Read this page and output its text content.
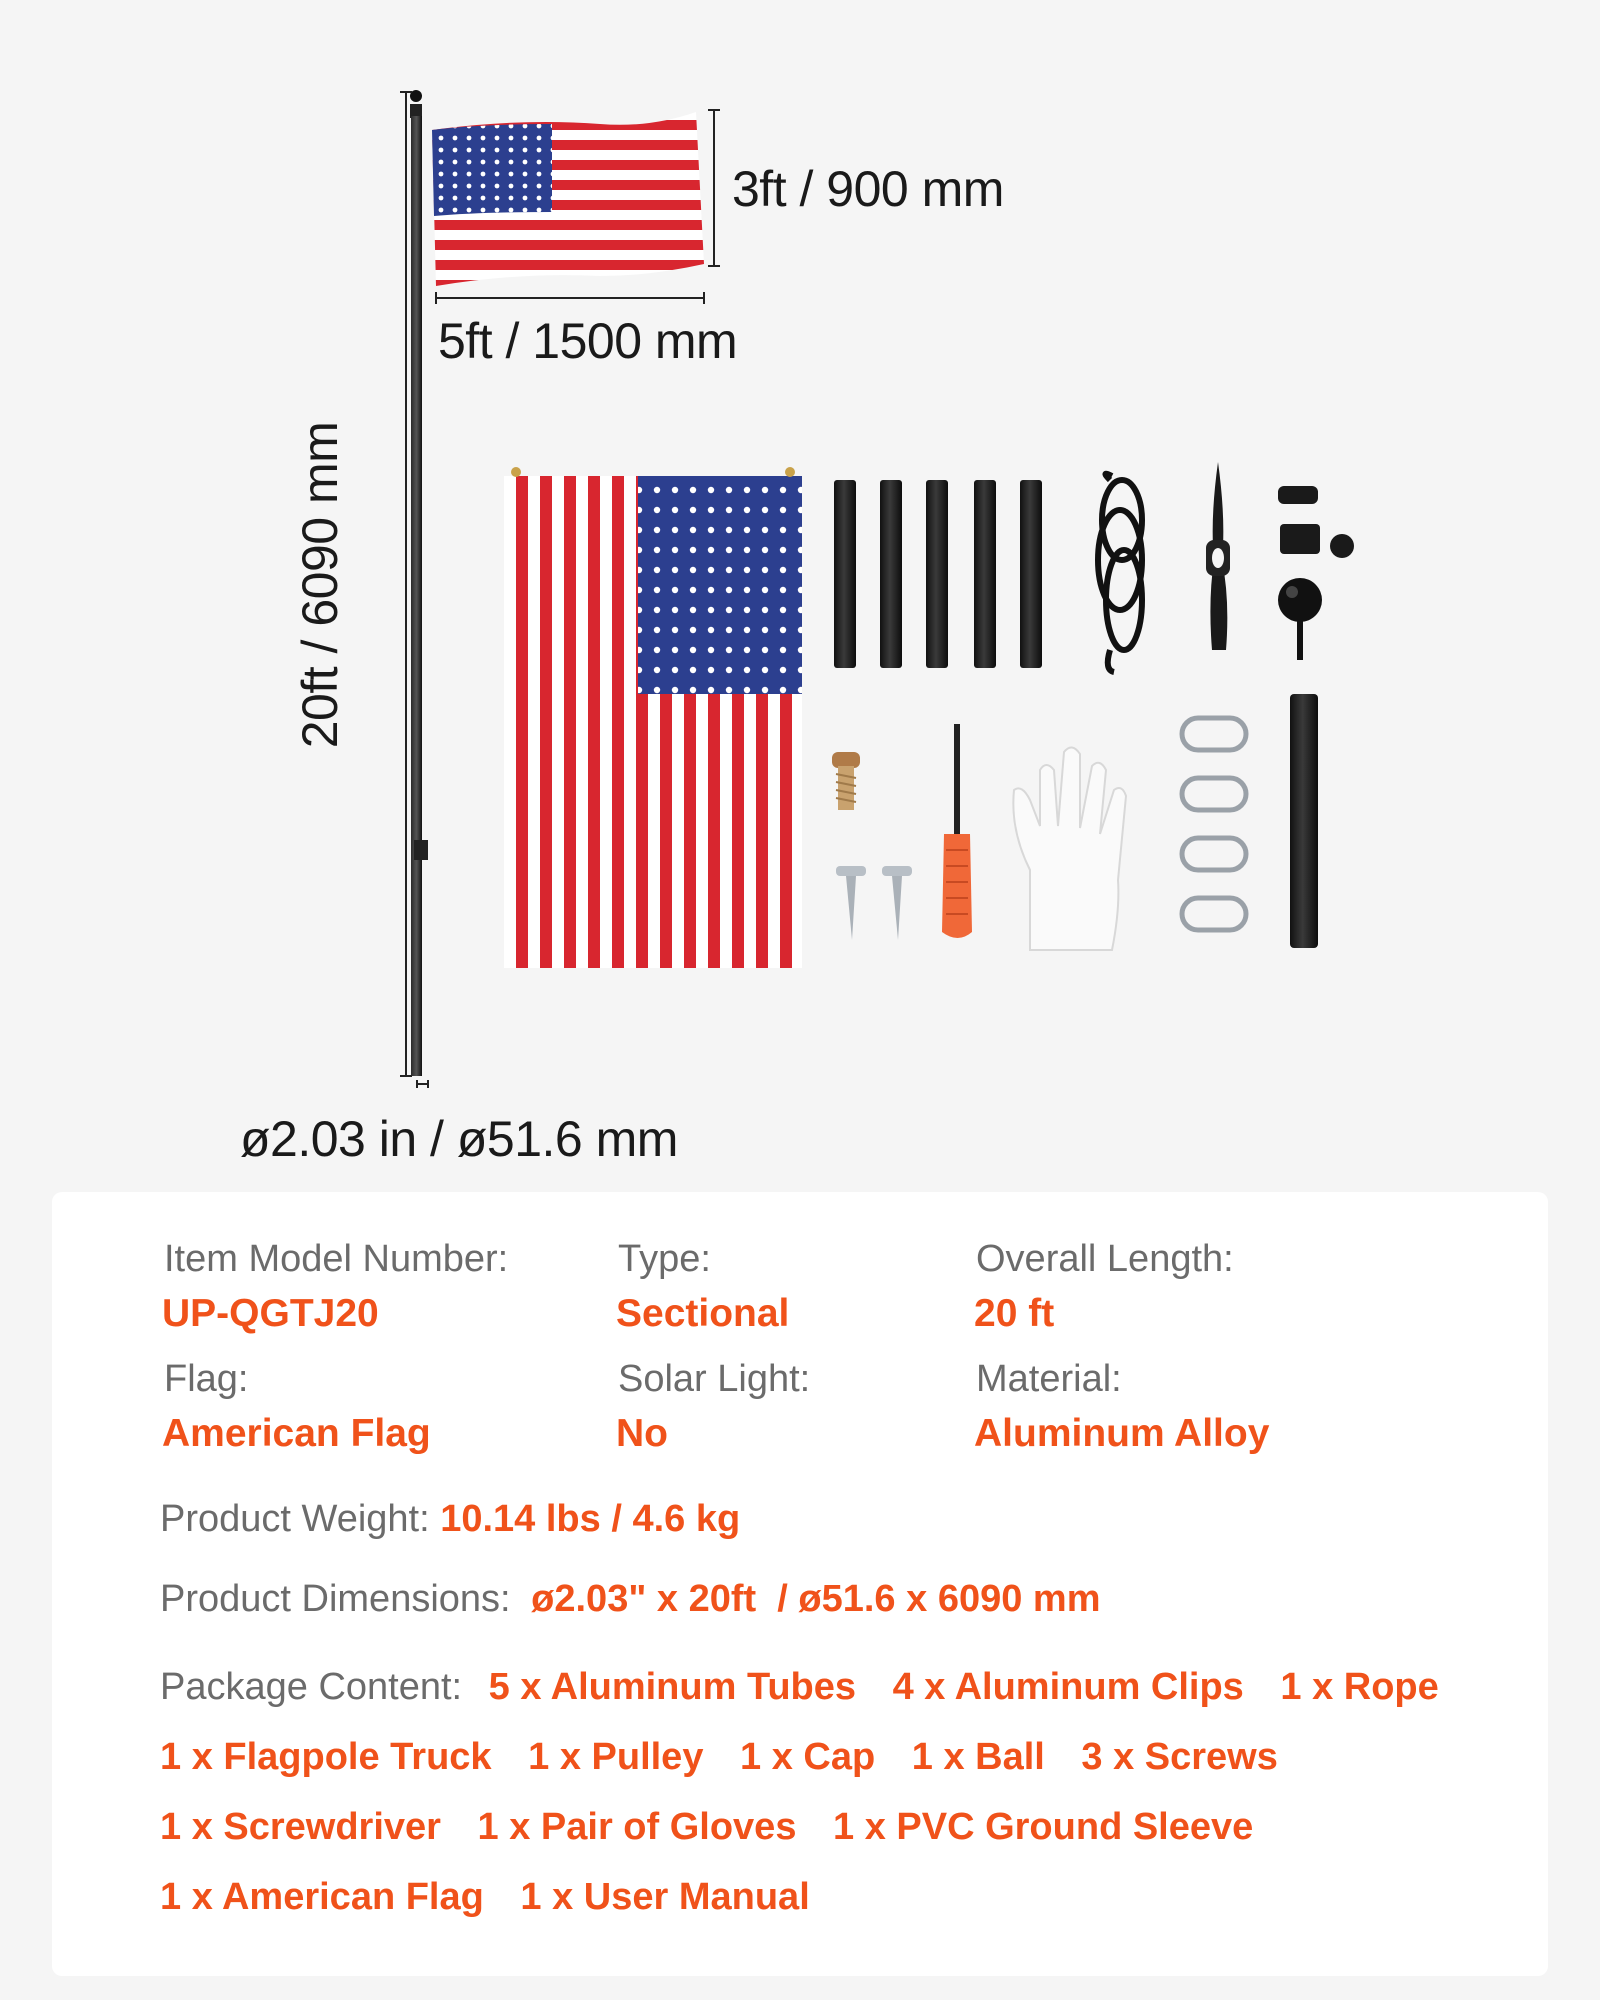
3ft / 900 mm
5ft / 1500 mm
20ft / 6090 mm
ø2.03 in / ø51.6 mm
Item Model Number:
UP-QGTJ20
Type:
Sectional
Overall Length:
20 ft
Flag:
American Flag
Solar Light:
No
Material:
Aluminum Alloy
Product Weight: 10.14 lbs / 4.6 kg
Product Dimensions: ø2.03" x 20ft  / ø51.6 x 6090 mm
Package Content: 5 x Aluminum Tubes 4 x Aluminum Clips 1 x Rope
1 x Flagpole Truck 1 x Pulley 1 x Cap 1 x Ball 3 x Screws
1 x Screwdriver 1 x Pair of Gloves 1 x PVC Ground Sleeve
1 x American Flag 1 x User Manual
